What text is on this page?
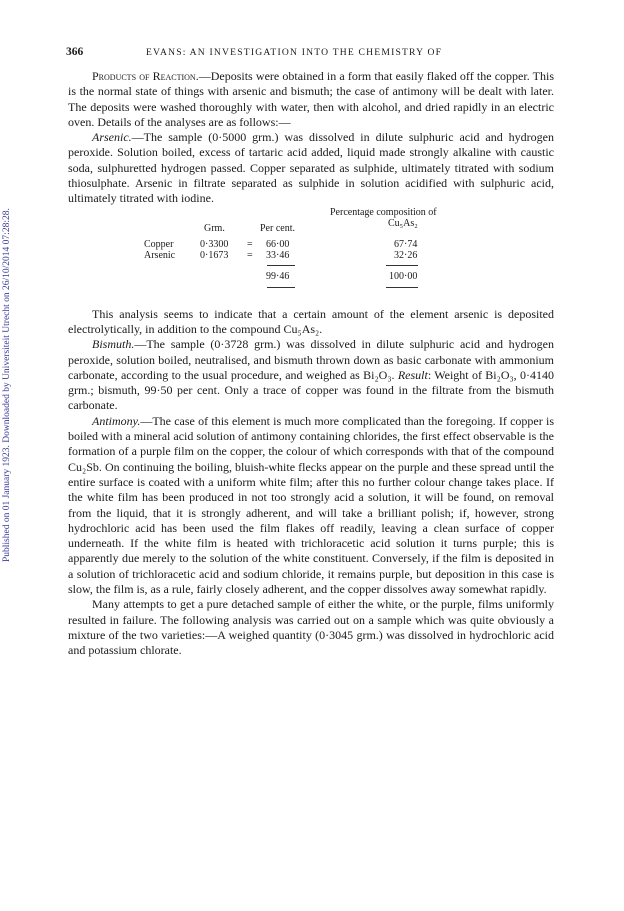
Published on 01 January 1923. Downloaded by Universiteit Utrecht on 26/10/2014 07:28:28.
366	EVANS: AN INVESTIGATION INTO THE CHEMISTRY OF

Products of Reaction.—Deposits were obtained in a form that easily flaked off the copper. This is the normal state of things with arsenic and bismuth; the case of antimony will be dealt with later. The deposits were washed thoroughly with water, then with alcohol, and dried rapidly in an electric oven. Details of the analyses are as follows:—

Arsenic.—The sample (0·5000 grm.) was dissolved in dilute sulphuric acid and hydrogen peroxide. Solution boiled, excess of tartaric acid added, liquid made strongly alkaline with caustic soda, sulphuretted hydrogen passed. Copper separated as sulphide, ultimately titrated with sodium thiosulphate. Arsenic in filtrate separated as sulphide in solution acidified with sulphuric acid, ultimately titrated with iodine.

Percentage composition of
Cu₅As₂
Grm.	Per cent.
Copper	0·3300 = 66·00	67·74
Arsenic 0·1673 = 33·46	32·26
99·46	100·00

This analysis seems to indicate that a certain amount of the element arsenic is deposited electrolytically, in addition to the compound Cu₅As₂.

Bismuth.—The sample (0·3728 grm.) was dissolved in dilute sulphuric acid and hydrogen peroxide, solution boiled, neutralised, and bismuth thrown down as basic carbonate with ammonium carbonate, according to the usual procedure, and weighed as Bi₂O₃. Result: Weight of Bi₂O₃, 0·4140 grm.; bismuth, 99·50 per cent. Only a trace of copper was found in the filtrate from the bismuth carbonate.

Antimony.—The case of this element is much more complicated than the foregoing. If copper is boiled with a mineral acid solution of antimony containing chlorides, the first effect observable is the formation of a purple film on the copper, the colour of which corresponds with that of the compound Cu₂Sb. On continuing the boiling, bluish-white flecks appear on the purple and these spread until the entire surface is coated with a uniform white film; after this no further colour change takes place. If the white film has been produced in not too strongly acid a solution, it will be found, on removal from the liquid, that it is strongly adherent, and will take a brilliant polish; if, however, strong hydrochloric acid has been used the film flakes off readily, leaving a clean surface of copper underneath. If the white film is heated with trichloracetic acid solution it turns purple; this is apparently due merely to the solution of the white constituent. Conversely, if the film is deposited in a solution of trichloracetic acid and sodium chloride, it remains purple, but deposition in this case is slow, the film is, as a rule, fairly closely adherent, and the copper dissolves away somewhat rapidly.

Many attempts to get a pure detached sample of either the white, or the purple, films uniformly resulted in failure. The following analysis was carried out on a sample which was quite obviously a mixture of the two varieties:—A weighed quantity (0·3045 grm.) was dissolved in hydrochloric acid and potassium chlorate.
